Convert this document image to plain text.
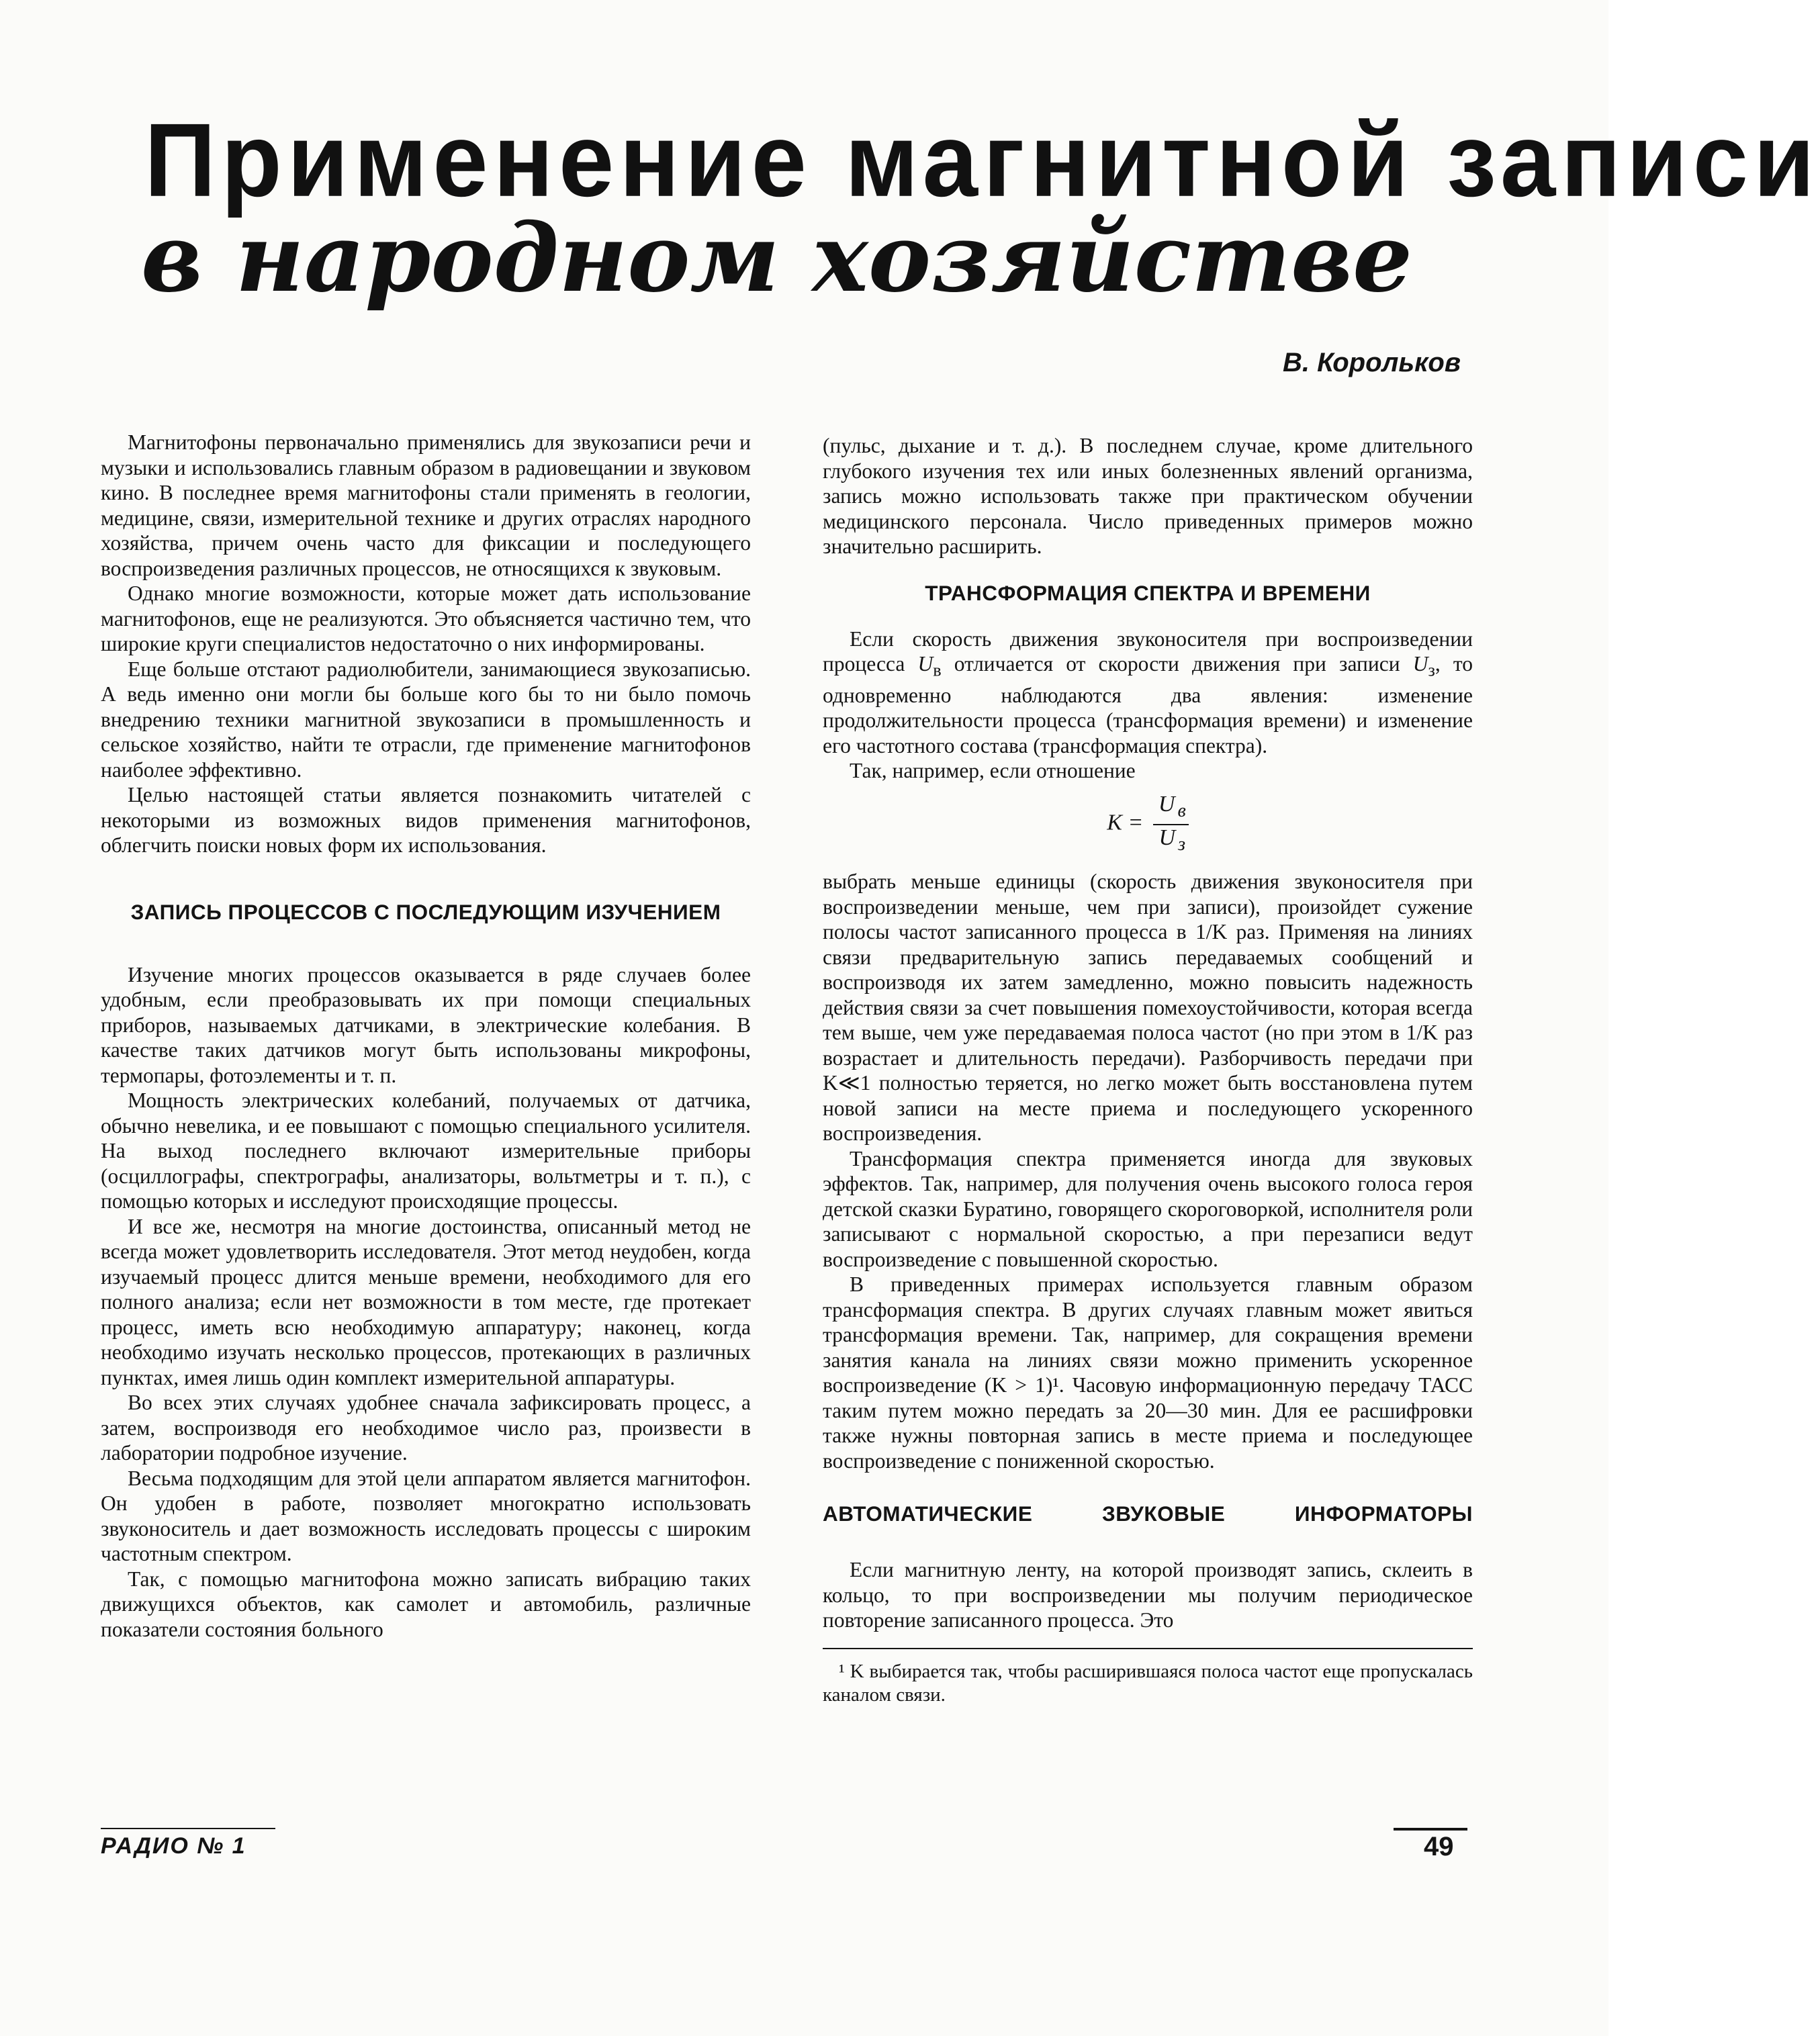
Применение магнитной записи
в народном хозяйстве
В. Корольков

Магнитофоны первоначально применялись для звукозаписи речи и музыки и использовались главным образом в радиовещании и звуковом кино. В последнее время магнитофоны стали применять в геологии, медицине, связи, измерительной технике и других отраслях народного хозяйства, причем очень часто для фиксации и последующего воспроизведения различных процессов, не относящихся к звуковым.

Однако многие возможности, которые может дать использование магнитофонов, еще не реализуются. Это объясняется частично тем, что широкие круги специалистов недостаточно о них информированы.

Еще больше отстают радиолюбители, занимающиеся звукозаписью. А ведь именно они могли бы больше кого бы то ни было помочь внедрению техники магнитной звукозаписи в промышленность и сельское хозяйство, найти те отрасли, где применение магнитофонов наиболее эффективно.

Целью настоящей статьи является познакомить читателей с некоторыми из возможных видов применения магнитофонов, облегчить поиски новых форм их использования.

ЗАПИСЬ ПРОЦЕССОВ С ПОСЛЕДУЮЩИМ ИЗУЧЕНИЕМ

Изучение многих процессов оказывается в ряде случаев более удобным, если преобразовывать их при помощи специальных приборов, называемых датчиками, в электрические колебания. В качестве таких датчиков могут быть использованы микрофоны, термопары, фотоэлементы и т. п.

Мощность электрических колебаний, получаемых от датчика, обычно невелика, и ее повышают с помощью специального усилителя. На выход последнего включают измерительные приборы (осциллографы, спектрографы, анализаторы, вольтметры и т. п.), с помощью которых и исследуют происходящие процессы.

И все же, несмотря на многие достоинства, описанный метод не всегда может удовлетворить исследователя. Этот метод неудобен, когда изучаемый процесс длится меньше времени, необходимого для его полного анализа; если нет возможности в том месте, где протекает процесс, иметь всю необходимую аппаратуру; наконец, когда необходимо изучать несколько процессов, протекающих в различных пунктах, имея лишь один комплект измерительной аппаратуры.

Во всех этих случаях удобнее сначала зафиксировать процесс, а затем, воспроизводя его необходимое число раз, произвести в лаборатории подробное изучение.

Весьма подходящим для этой цели аппаратом является магнитофон. Он удобен в работе, позволяет многократно использовать звуконоситель и дает возможность исследовать процессы с широким частотным спектром.

Так, с помощью магнитофона можно записать вибрацию таких движущихся объектов, как самолет и автомобиль, различные показатели состояния больного

(пульс, дыхание и т. д.). В последнем случае, кроме длительного глубокого изучения тех или иных болезненных явлений организма, запись можно использовать также при практическом обучении медицинского персонала. Число приведенных примеров можно значительно расширить.

ТРАНСФОРМАЦИЯ СПЕКТРА И ВРЕМЕНИ

Если скорость движения звуконосителя при воспроизведении процесса $U_в$ отличается от скорости движения при записи $U_з$, то одновременно наблюдаются два явления: изменение продолжительности процесса (трансформация времени) и изменение его частотного состава (трансформация спектра).

Так, например, если отношение

$K = \frac{U _в}{U _з}$

выбрать меньше единицы (скорость движения звуконосителя при воспроизведении меньше, чем при записи), произойдет сужение полосы частот записанного процесса в 1/K раз. Применяя на линиях связи предварительную запись передаваемых сообщений и воспроизводя их затем замедленно, можно повысить надежность действия связи за счет повышения помехоустойчивости, которая всегда тем выше, чем уже передаваемая полоса частот (но при этом в 1/K раз возрастает и длительность передачи). Разборчивость передачи при K≪1 полностью теряется, но легко может быть восстановлена путем новой записи на месте приема и последующего ускоренного воспроизведения.

Трансформация спектра применяется иногда для звуковых эффектов. Так, например, для получения очень высокого голоса героя детской сказки Буратино, говорящего скороговоркой, исполнителя роли записывают с нормальной скоростью, а при перезаписи ведут воспроизведение с повышенной скоростью.

В приведенных примерах используется главным образом трансформация спектра. В других случаях главным может явиться трансформация времени. Так, например, для сокращения времени занятия канала на линиях связи можно применить ускоренное воспроизведение (K > 1)¹. Часовую информационную передачу ТАСС таким путем можно передать за 20—30 мин. Для ее расшифровки также нужны повторная запись в месте приема и последующее воспроизведение с пониженной скоростью.

АВТОМАТИЧЕСКИЕ ЗВУКОВЫЕ ИНФОРМАТОРЫ

Если магнитную ленту, на которой производят запись, склеить в кольцо, то при воспроизведении мы получим периодическое повторение записанного процесса. Это

¹ K выбирается так, чтобы расширившаяся полоса частот еще пропускалась каналом связи.
РАДИО № 1	49
